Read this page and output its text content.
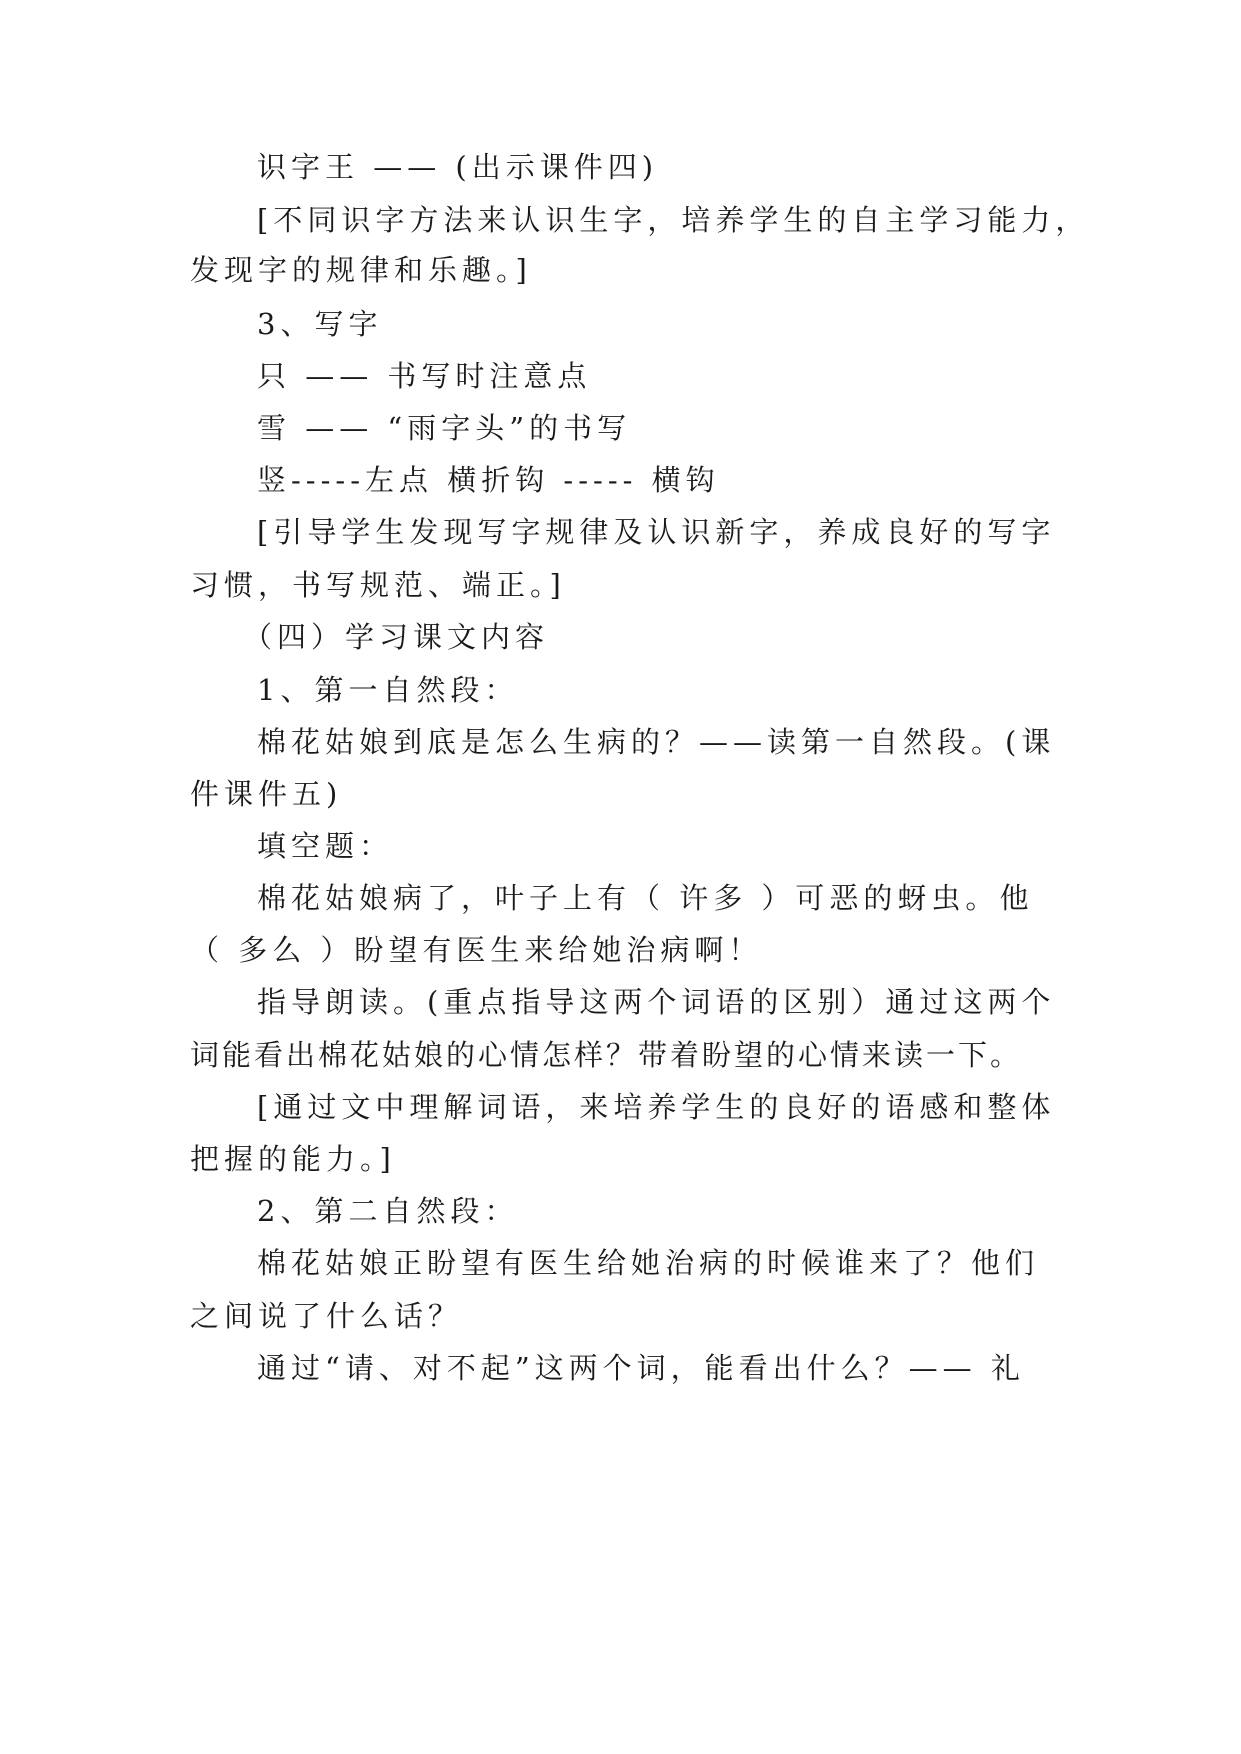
识字王 —— (出示课件四)

[不同识字方法来认识生字，培养学生的自主学习能力，

发现字的规律和乐趣。]

3、写字

只 —— 书写时注意点

雪 —— “雨字头”的书写

竖-----左点 横折钩 ----- 横钩

[引导学生发现写字规律及认识新字，养成良好的写字

习惯，书写规范、端正。]

（四）学习课文内容

1、第一自然段：

棉花姑娘到底是怎么生病的？——读第一自然段。(课

件课件五)

填空题：

棉花姑娘病了，叶子上有（ 许多 ）可恶的蚜虫。他

（ 多么 ）盼望有医生来给她治病啊！

指导朗读。(重点指导这两个词语的区别）通过这两个

词能看出棉花姑娘的心情怎样？带着盼望的心情来读一下。

[通过文中理解词语，来培养学生的良好的语感和整体

把握的能力。]

2、第二自然段：

棉花姑娘正盼望有医生给她治病的时候谁来了？他们

之间说了什么话？

通过“请、对不起”这两个词，能看出什么？—— 礼
